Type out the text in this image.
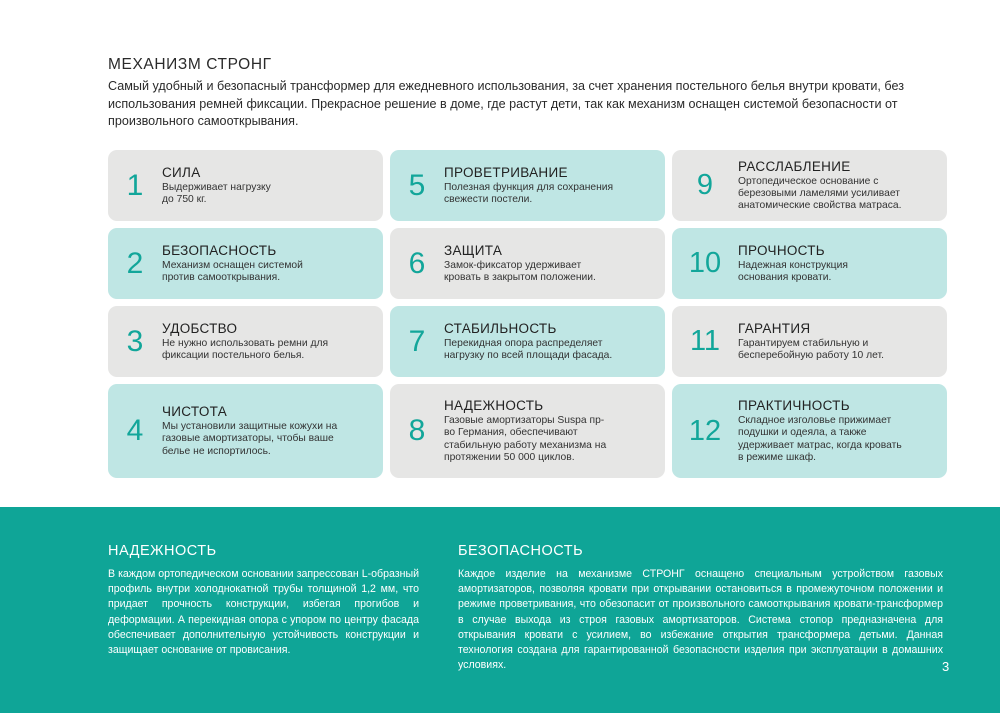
МЕХАНИЗМ СТРОНГ
Самый удобный и безопасный трансформер для ежедневного использования, за счет хранения постельного белья внутри кровати, без использования ремней фиксации. Прекрасное решение в доме, где растут дети, так как механизм оснащен системой безопасности от произвольного самооткрывания.
1	СИЛА
Выдерживает нагрузку до 750 кг.	5	ПРОВЕТРИВАНИЕ
Полезная функция для сохранения свежести постели.	9
РАССЛАБЛЕНИЕ
Ортопедическое основание с березовыми ламелями усиливает анатомические свойства матраса.
2	БЕЗОПАСНОСТЬ
Механизм оснащен системой против самооткрывания.	6	ЗАЩИТА
Замок-фиксатор удерживает кровать в закрытом положении.	10	ПРОЧНОСТЬ
Надежная конструкция основания кровати.
3	УДОБСТВО
Не нужно использовать ремни для фиксации постельного белья.	7	СТАБИЛЬНОСТЬ
Перекидная опора распределяет нагрузку по всей площади фасада.	11	ГАРАНТИЯ
Гарантируем стабильную и бесперебойную работу 10 лет.
4
ЧИСТОТА
Мы установили защитные кожухи на газовые амортизаторы, чтобы ваше белье не испортилось.
8
НАДЕЖНОСТЬ
Газовые амортизаторы Suspa пр-во Германия, обеспечивают стабильную работу механизма на протяжении 50 000 циклов.
12
ПРАКТИЧНОСТЬ
Складное изголовье прижимает подушки и одеяла, а также удерживает матрас, когда кровать в режиме шкаф.
НАДЕЖНОСТЬ
В каждом ортопедическом основании запрессован L-образный профиль внутри холоднокатной трубы толщиной 1,2 мм, что придает прочность конструкции, избегая прогибов и деформации. А перекидная опора с упором по центру фасада обеспечивает дополнительную устойчивость конструкции и защищает основание от провисания.
БЕЗОПАСНОСТЬ
Каждое изделие на механизме СТРОНГ оснащено специальным устройством газовых амортизаторов, позволяя кровати при открывании остановиться в промежуточном положении и режиме проветривания, что обезопасит от произвольного самооткрывания кровати-трансформер в случае выхода из строя газовых амортизаторов. Система стопор предназначена для открывания кровати с усилием, во избежание открытия трансформера детьми. Данная технология создана для гарантированной безопасности изделия при эксплуатации в домашних условиях.	3
